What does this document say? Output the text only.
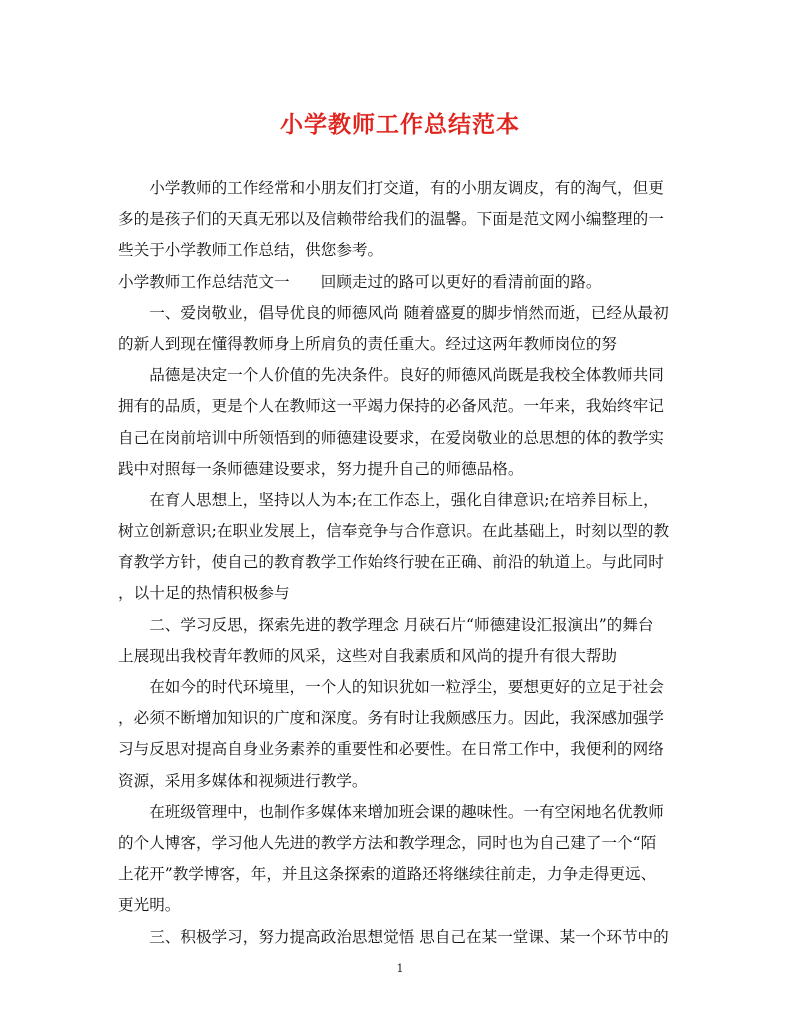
小学教师工作总结范本
　　小学教师的工作经常和小朋友们打交道，有的小朋友调皮，有的淘气，但更
多的是孩子们的天真无邪以及信赖带给我们的温馨。下面是范文网小编整理的一
些关于小学教师工作总结，供您参考。
小学教师工作总结范文一　　回顾走过的路可以更好的看清前面的路。
　　一、爱岗敬业，倡导优良的师德风尚 随着盛夏的脚步悄然而逝，已经从最初
的新人到现在懂得教师身上所肩负的责任重大。经过这两年教师岗位的努
　　品德是决定一个人价值的先决条件。良好的师德风尚既是我校全体教师共同
拥有的品质，更是个人在教师这一平竭力保持的必备风范。一年来，我始终牢记
自己在岗前培训中所领悟到的师德建设要求，在爱岗敬业的总思想的体的教学实
践中对照每一条师德建设要求，努力提升自己的师德品格。
　　在育人思想上，坚持以人为本;在工作态上，强化自律意识;在培养目标上，
树立创新意识;在职业发展上，信奉竞争与合作意识。在此基础上，时刻以型的教
育教学方针，使自己的教育教学工作始终行驶在正确、前沿的轨道上。与此同时
，以十足的热情积极参与
　　二、学习反思，探索先进的教学理念 月硖石片“师德建设汇报演出”的舞台
上展现出我校青年教师的风采，这些对自我素质和风尚的提升有很大帮助
　　在如今的时代环境里，一个人的知识犹如一粒浮尘，要想更好的立足于社会
，必须不断增加知识的广度和深度。务有时让我颇感压力。因此，我深感加强学
习与反思对提高自身业务素养的重要性和必要性。在日常工作中，我便利的网络
资源，采用多媒体和视频进行教学。
　　在班级管理中，也制作多媒体来增加班会课的趣味性。一有空闲地名优教师
的个人博客，学习他人先进的教学方法和教学理念，同时也为自己建了一个“陌
上花开”教学博客，年，并且这条探索的道路还将继续往前走，力争走得更远、
更光明。
　　三、积极学习，努力提高政治思想觉悟 思自己在某一堂课、某一个环节中的
1
